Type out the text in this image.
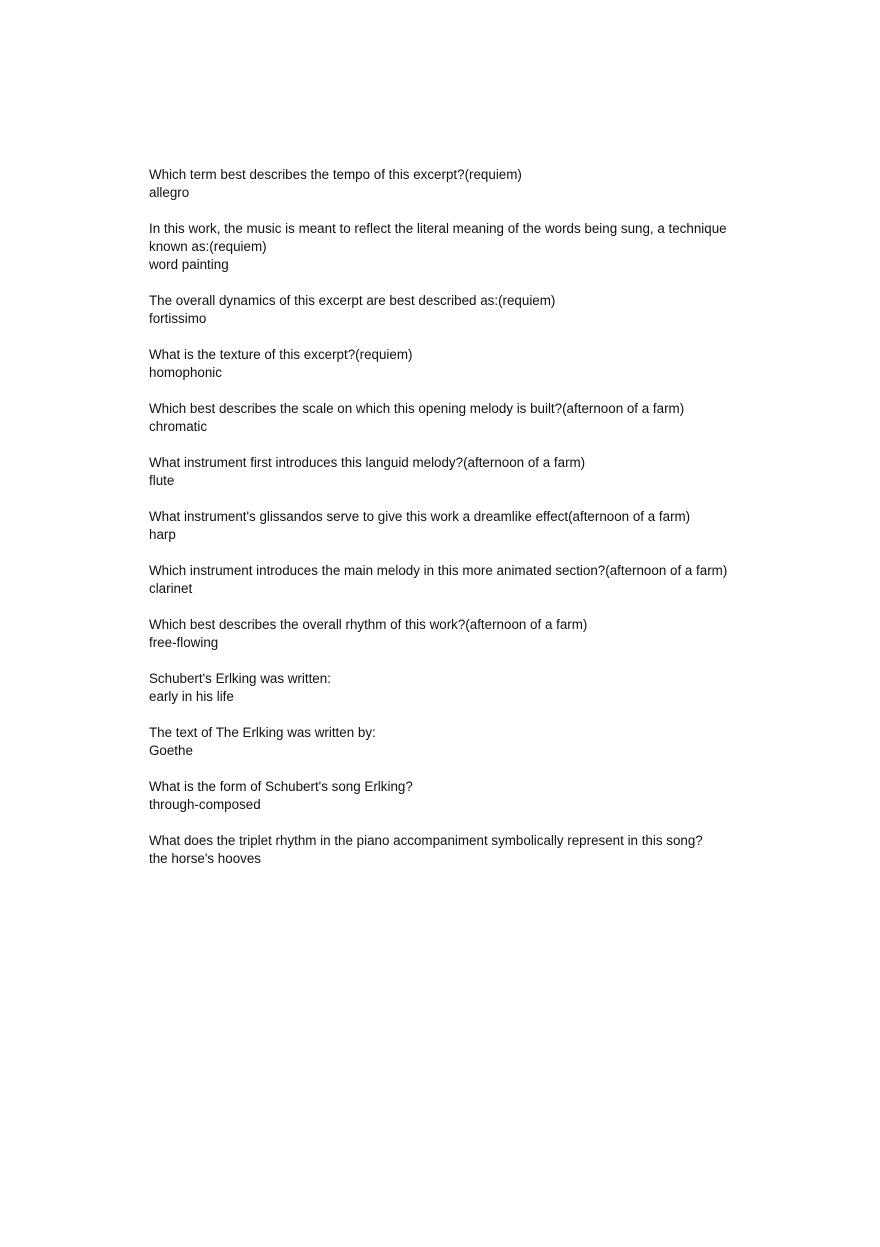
Which term best describes the tempo of this excerpt?(requiem)

allegro

In this work, the music is meant to reflect the literal meaning of the words being sung, a technique known as:(requiem)

word painting

The overall dynamics of this excerpt are best described as:(requiem)

fortissimo

What is the texture of this excerpt?(requiem)

homophonic

Which best describes the scale on which this opening melody is built?(afternoon of a farm)

chromatic

What instrument first introduces this languid melody?(afternoon of a farm)

flute

What instrument's glissandos serve to give this work a dreamlike effect(afternoon of a farm)

harp

Which instrument introduces the main melody in this more animated section?(afternoon of a farm)

clarinet

Which best describes the overall rhythm of this work?(afternoon of a farm)

free-flowing

Schubert's Erlking was written:

early in his life

The text of The Erlking was written by:

Goethe

What is the form of Schubert's song Erlking?

through-composed

What does the triplet rhythm in the piano accompaniment symbolically represent in this song?

the horse's hooves
